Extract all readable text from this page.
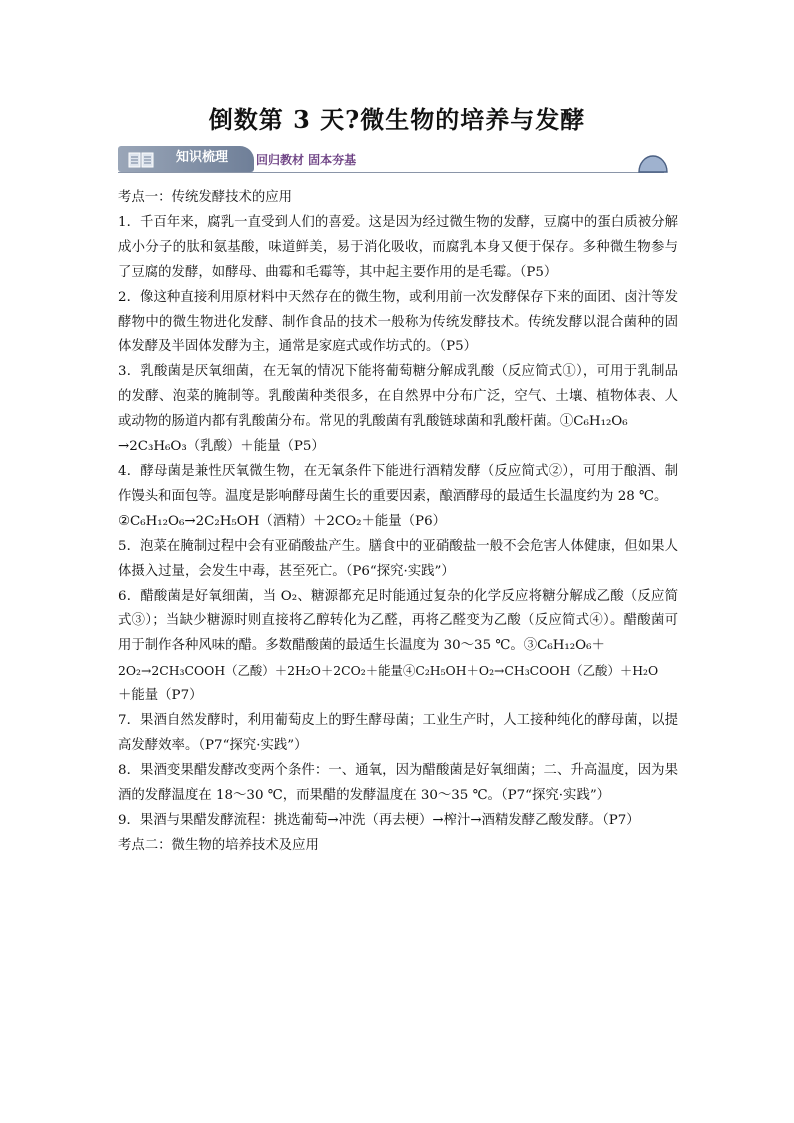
倒数第 3 天?微生物的培养与发酵
知识梳理 回归教材 固本夯基

考点一：传统发酵技术的应用

1．千百年来，腐乳一直受到人们的喜爱。这是因为经过微生物的发酵，豆腐中的蛋白质被分解成小分子的肽和氨基酸，味道鲜美，易于消化吸收，而腐乳本身又便于保存。多种微生物参与了豆腐的发酵，如酵母、曲霉和毛霉等，其中起主要作用的是毛霉。（P5）

2．像这种直接利用原材料中天然存在的微生物，或利用前一次发酵保存下来的面团、卤汁等发酵物中的微生物进化发酵、制作食品的技术一般称为传统发酵技术。传统发酵以混合菌种的固体发酵及半固体发酵为主，通常是家庭式或作坊式的。（P5）

3．乳酸菌是厌氧细菌，在无氧的情况下能将葡萄糖分解成乳酸（反应简式①），可用于乳制品的发酵、泡菜的腌制等。乳酸菌种类很多，在自然界中分布广泛，空气、土壤、植物体表、人或动物的肠道内都有乳酸菌分布。常见的乳酸菌有乳酸链球菌和乳酸杆菌。①C₆H₁₂O₆

→2C₃H₆O₃（乳酸）＋能量（P5）

4．酵母菌是兼性厌氧微生物，在无氧条件下能进行酒精发酵（反应简式②），可用于酿酒、制作馒头和面包等。温度是影响酵母菌生长的重要因素，酿酒酵母的最适生长温度约为 28 ℃。

②C₆H₁₂O₆→2C₂H₅OH（酒精）＋2CO₂＋能量（P6）

5．泡菜在腌制过程中会有亚硝酸盐产生。膳食中的亚硝酸盐一般不会危害人体健康，但如果人体摄入过量，会发生中毒，甚至死亡。（P6“探究·实践”）

6．醋酸菌是好氧细菌，当 O₂、糖源都充足时能通过复杂的化学反应将糖分解成乙酸（反应简式③）；当缺少糖源时则直接将乙醇转化为乙醛，再将乙醛变为乙酸（反应简式④）。醋酸菌可用于制作各种风味的醋。多数醋酸菌的最适生长温度为 30～35 ℃。③C₆H₁₂O₆＋

2O₂→2CH₃COOH（乙酸）＋2H₂O＋2CO₂＋能量④C₂H₅OH＋O₂→CH₃COOH（乙酸）＋H₂O

＋能量（P7）

7．果酒自然发酵时，利用葡萄皮上的野生酵母菌；工业生产时，人工接种纯化的酵母菌，以提高发酵效率。（P7“探究·实践”）

8．果酒变果醋发酵改变两个条件：一、通氧，因为醋酸菌是好氧细菌；二、升高温度，因为果酒的发酵温度在 18～30 ℃，而果醋的发酵温度在 30～35 ℃。（P7“探究·实践”）

9．果酒与果醋发酵流程：挑选葡萄→冲洗（再去梗）→榨汁→酒精发酵乙酸发酵。（P7）

考点二：微生物的培养技术及应用
